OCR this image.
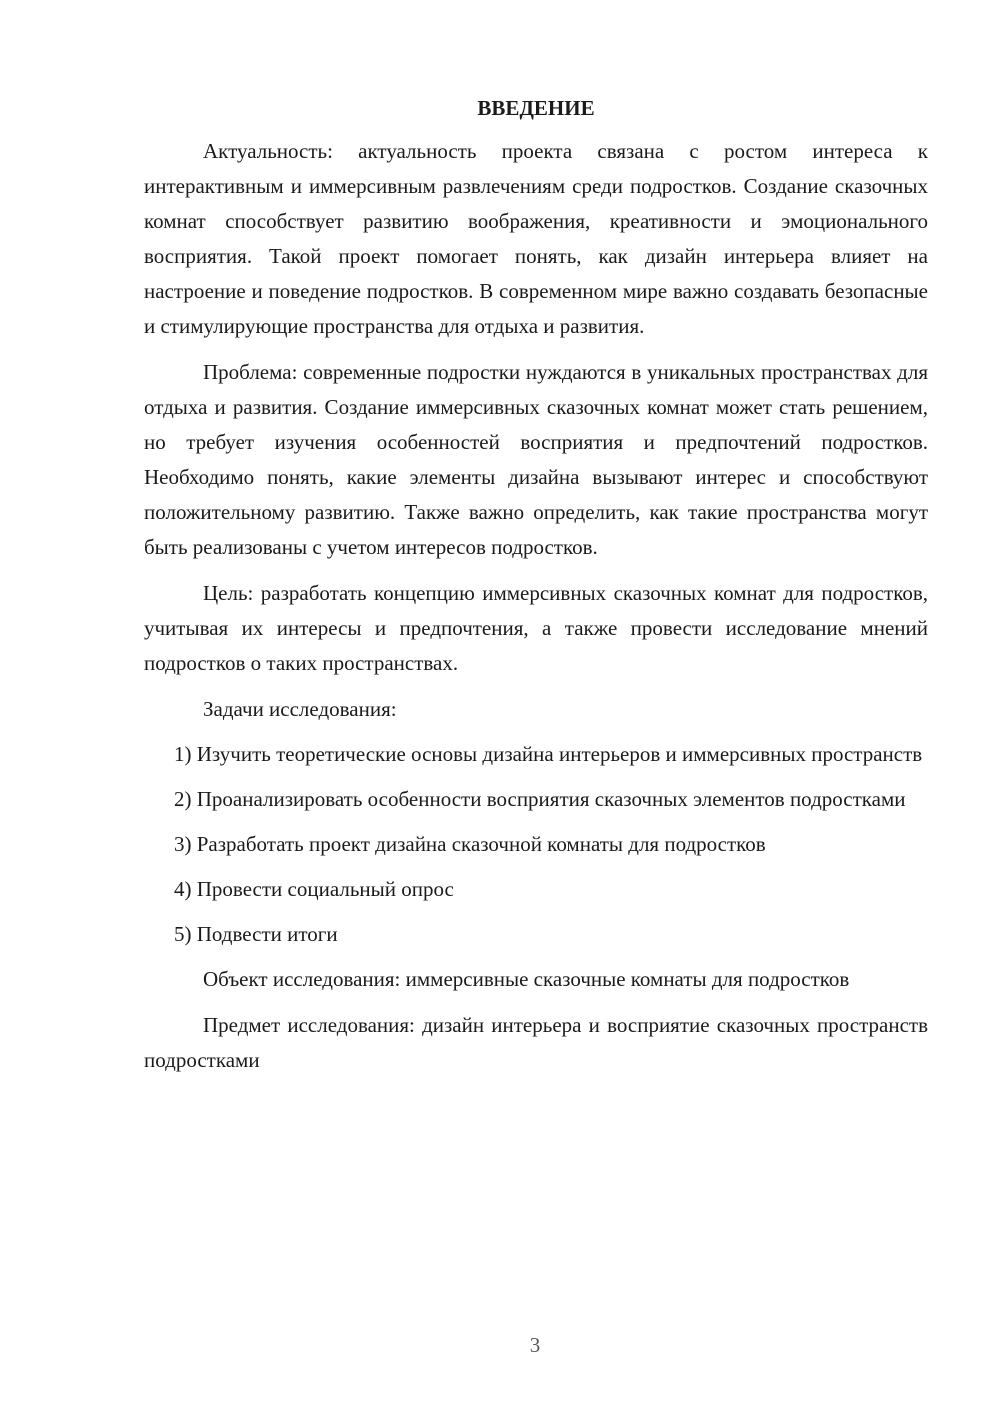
ВВЕДЕНИЕ

Актуальность: актуальность проекта связана с ростом интереса к интерактивным и иммерсивным развлечениям среди подростков. Создание сказочных комнат способствует развитию воображения, креативности и эмоционального восприятия. Такой проект помогает понять, как дизайн интерьера влияет на настроение и поведение подростков. В современном мире важно создавать безопасные и стимулирующие пространства для отдыха и развития.

Проблема: современные подростки нуждаются в уникальных пространствах для отдыха и развития. Создание иммерсивных сказочных комнат может стать решением, но требует изучения особенностей восприятия и предпочтений подростков. Необходимо понять, какие элементы дизайна вызывают интерес и способствуют положительному развитию. Также важно определить, как такие пространства могут быть реализованы с учетом интересов подростков.

Цель: разработать концепцию иммерсивных сказочных комнат для подростков, учитывая их интересы и предпочтения, а также провести исследование мнений подростков о таких пространствах.

Задачи исследования:

1) Изучить теоретические основы дизайна интерьеров и иммерсивных пространств

2) Проанализировать особенности восприятия сказочных элементов подростками

3) Разработать проект дизайна сказочной комнаты для подростков

4) Провести социальный опрос

5) Подвести итоги

Объект исследования: иммерсивные сказочные комнаты для подростков

Предмет исследования: дизайн интерьера и восприятие сказочных пространств подростками

3
